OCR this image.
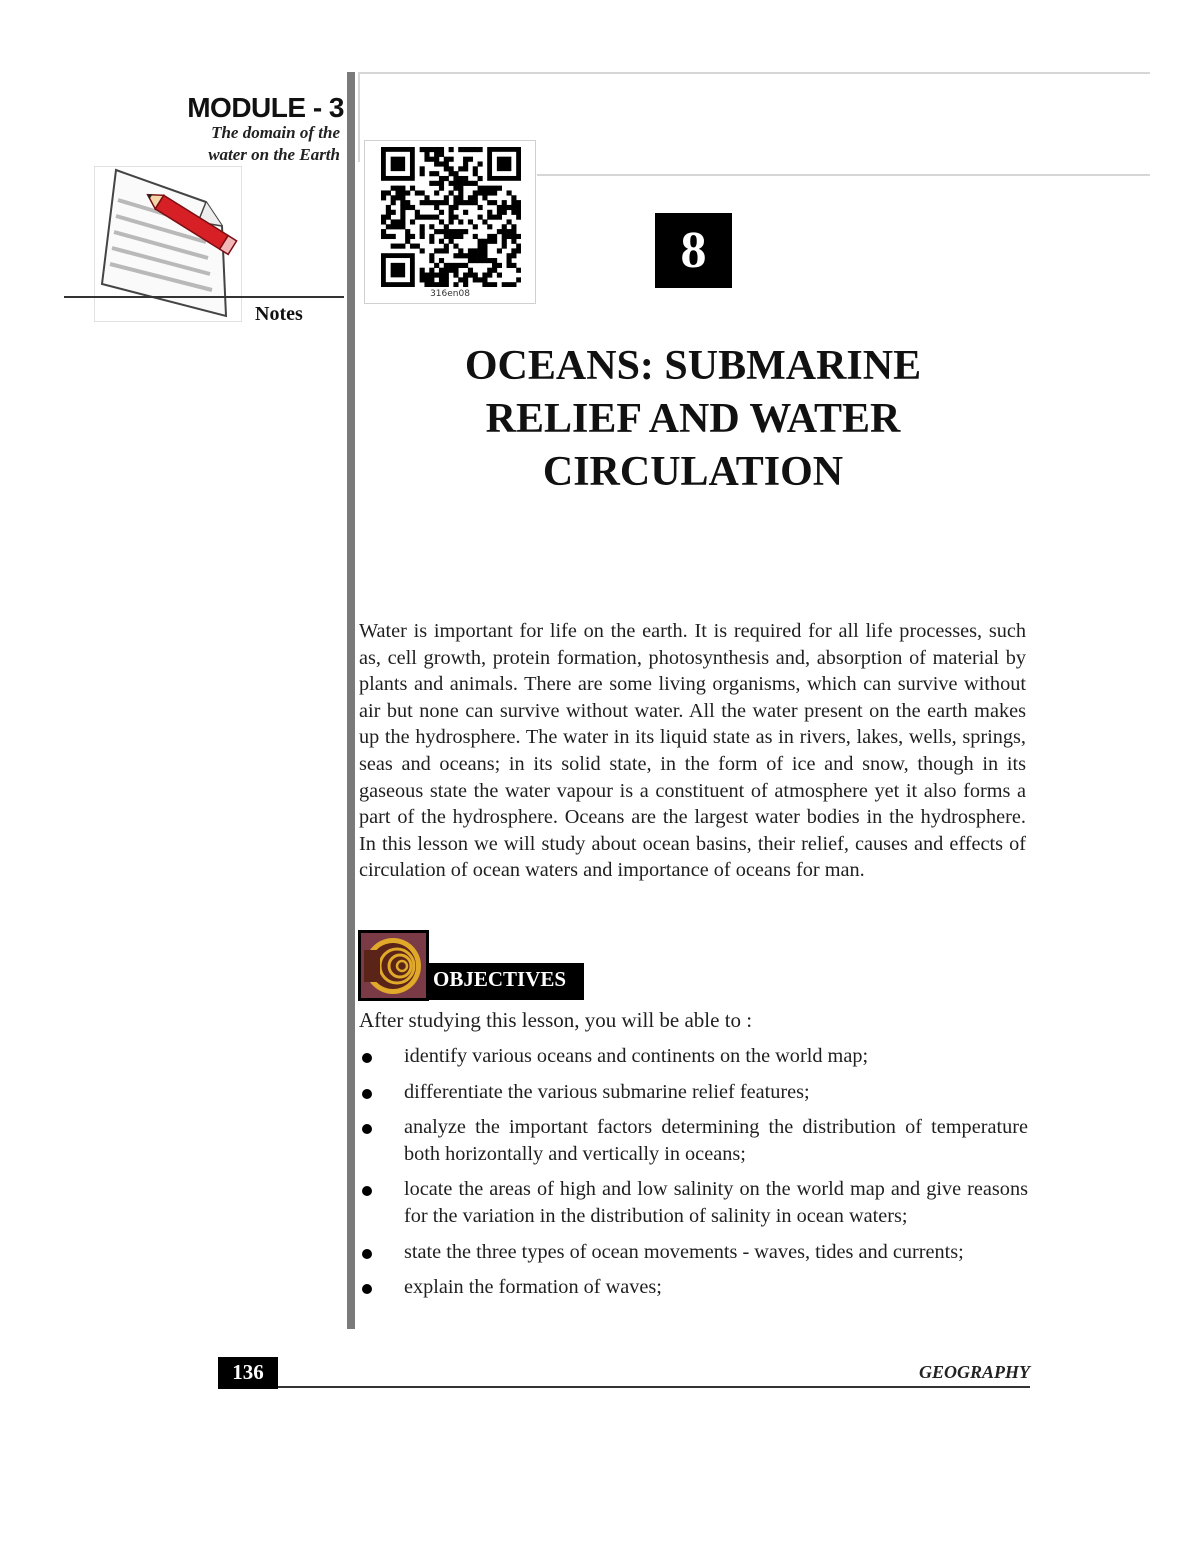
MODULE - 3
The domain of the
water on the Earth
Notes
316en08
8
OCEANS: SUBMARINE
RELIEF AND WATER
CIRCULATION

Water is important for life on the earth. It is required for all life processes, such as, cell growth, protein formation, photosynthesis and, absorption of material by plants and animals. There are some living organisms, which can survive without air but none can survive without water. All the water present on the earth makes up the hydrosphere. The water in its liquid state as in rivers, lakes, wells, springs, seas and oceans; in its solid state, in the form of ice and snow, though in its gaseous state the water vapour is a constituent of atmosphere yet it also forms a part of the hydrosphere. Oceans are the largest water bodies in the hydrosphere. In this lesson we will study about ocean basins, their relief, causes and effects of circulation of ocean waters and importance of oceans for man.

OBJECTIVES
After studying this lesson, you will be able to :
identify various oceans and continents on the world map;
differentiate the various submarine relief features;
analyze the important factors determining the distribution of temperature both horizontally and vertically in oceans;
locate the areas of high and low salinity on the world map and give reasons for the variation in the distribution of salinity in ocean waters;
state the three types of ocean movements - waves, tides and currents;
explain the formation of waves;
136	GEOGRAPHY
